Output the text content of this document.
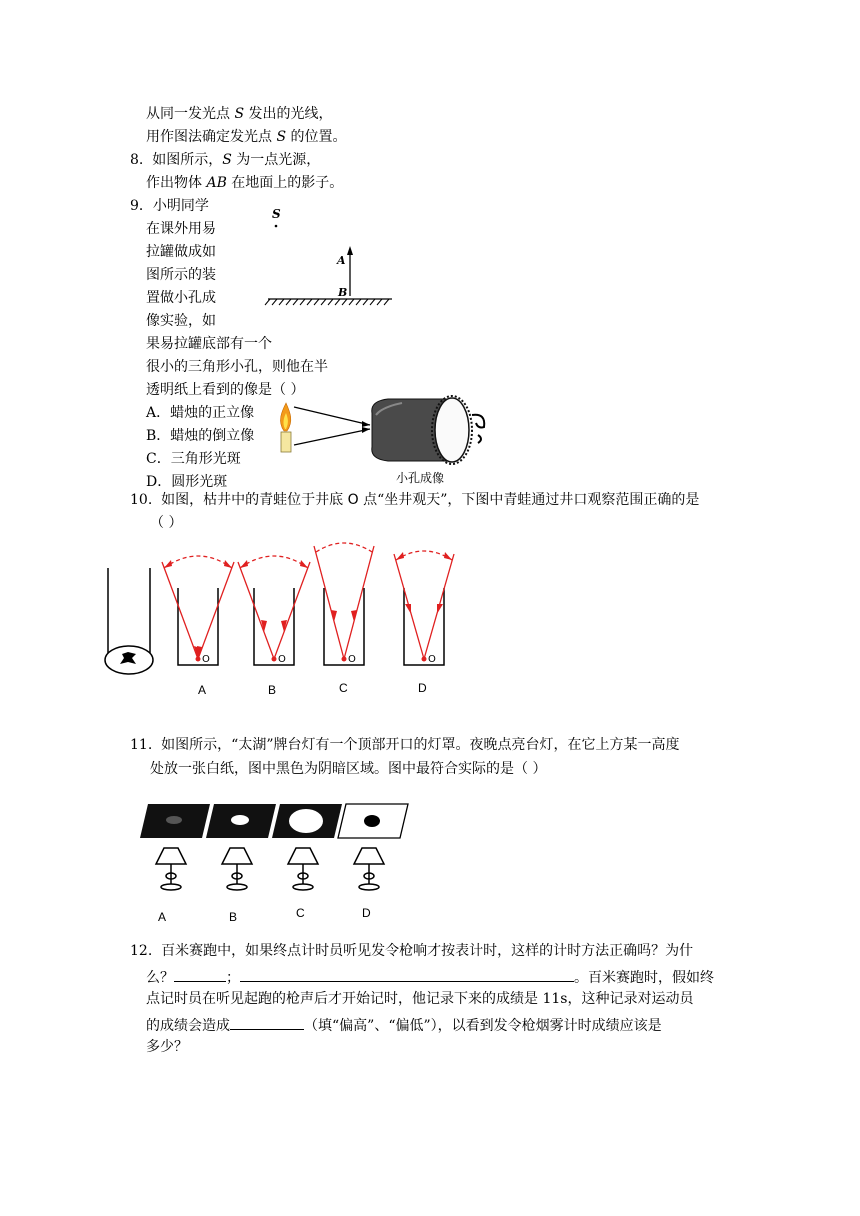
从同一发光点 S 发出的光线，
用作图法确定发光点 S 的位置。
8. 如图所示，S 为一点光源，
作出物体 AB 在地面上的影子。
S
A
B
9．小明同学
在课外用易
拉罐做成如
图所示的装
置做小孔成
像实验，如
果易拉罐底部有一个
很小的三角形小孔，则他在半
透明纸上看到的像是（ ）
A．蜡烛的正立像
B．蜡烛的倒立像
C．三角形光斑
D．圆形光斑	小孔成像
10. 如图，枯井中的青蛙位于井底 O 点“坐井观天”，下图中青蛙通过井口观察范围正确的是
（ ）
O	O	O	O
A	B	C	D
11. 如图所示，“太湖”牌台灯有一个顶部开口的灯罩。夜晚点亮台灯，在它上方某一高度
处放一张白纸，图中黑色为阴暗区域。图中最符合实际的是（ ）
A	B	C	D
12. 百米赛跑中，如果终点计时员听见发令枪响才按表计时，这样的计时方法正确吗？为什
么？	；	。百米赛跑时，假如终
点记时员在听见起跑的枪声后才开始记时，他记录下来的成绩是 11s，这种记录对运动员
的成绩会造成	（填“偏高”、“偏低”），以看到发令枪烟雾计时成绩应该是
多少？
